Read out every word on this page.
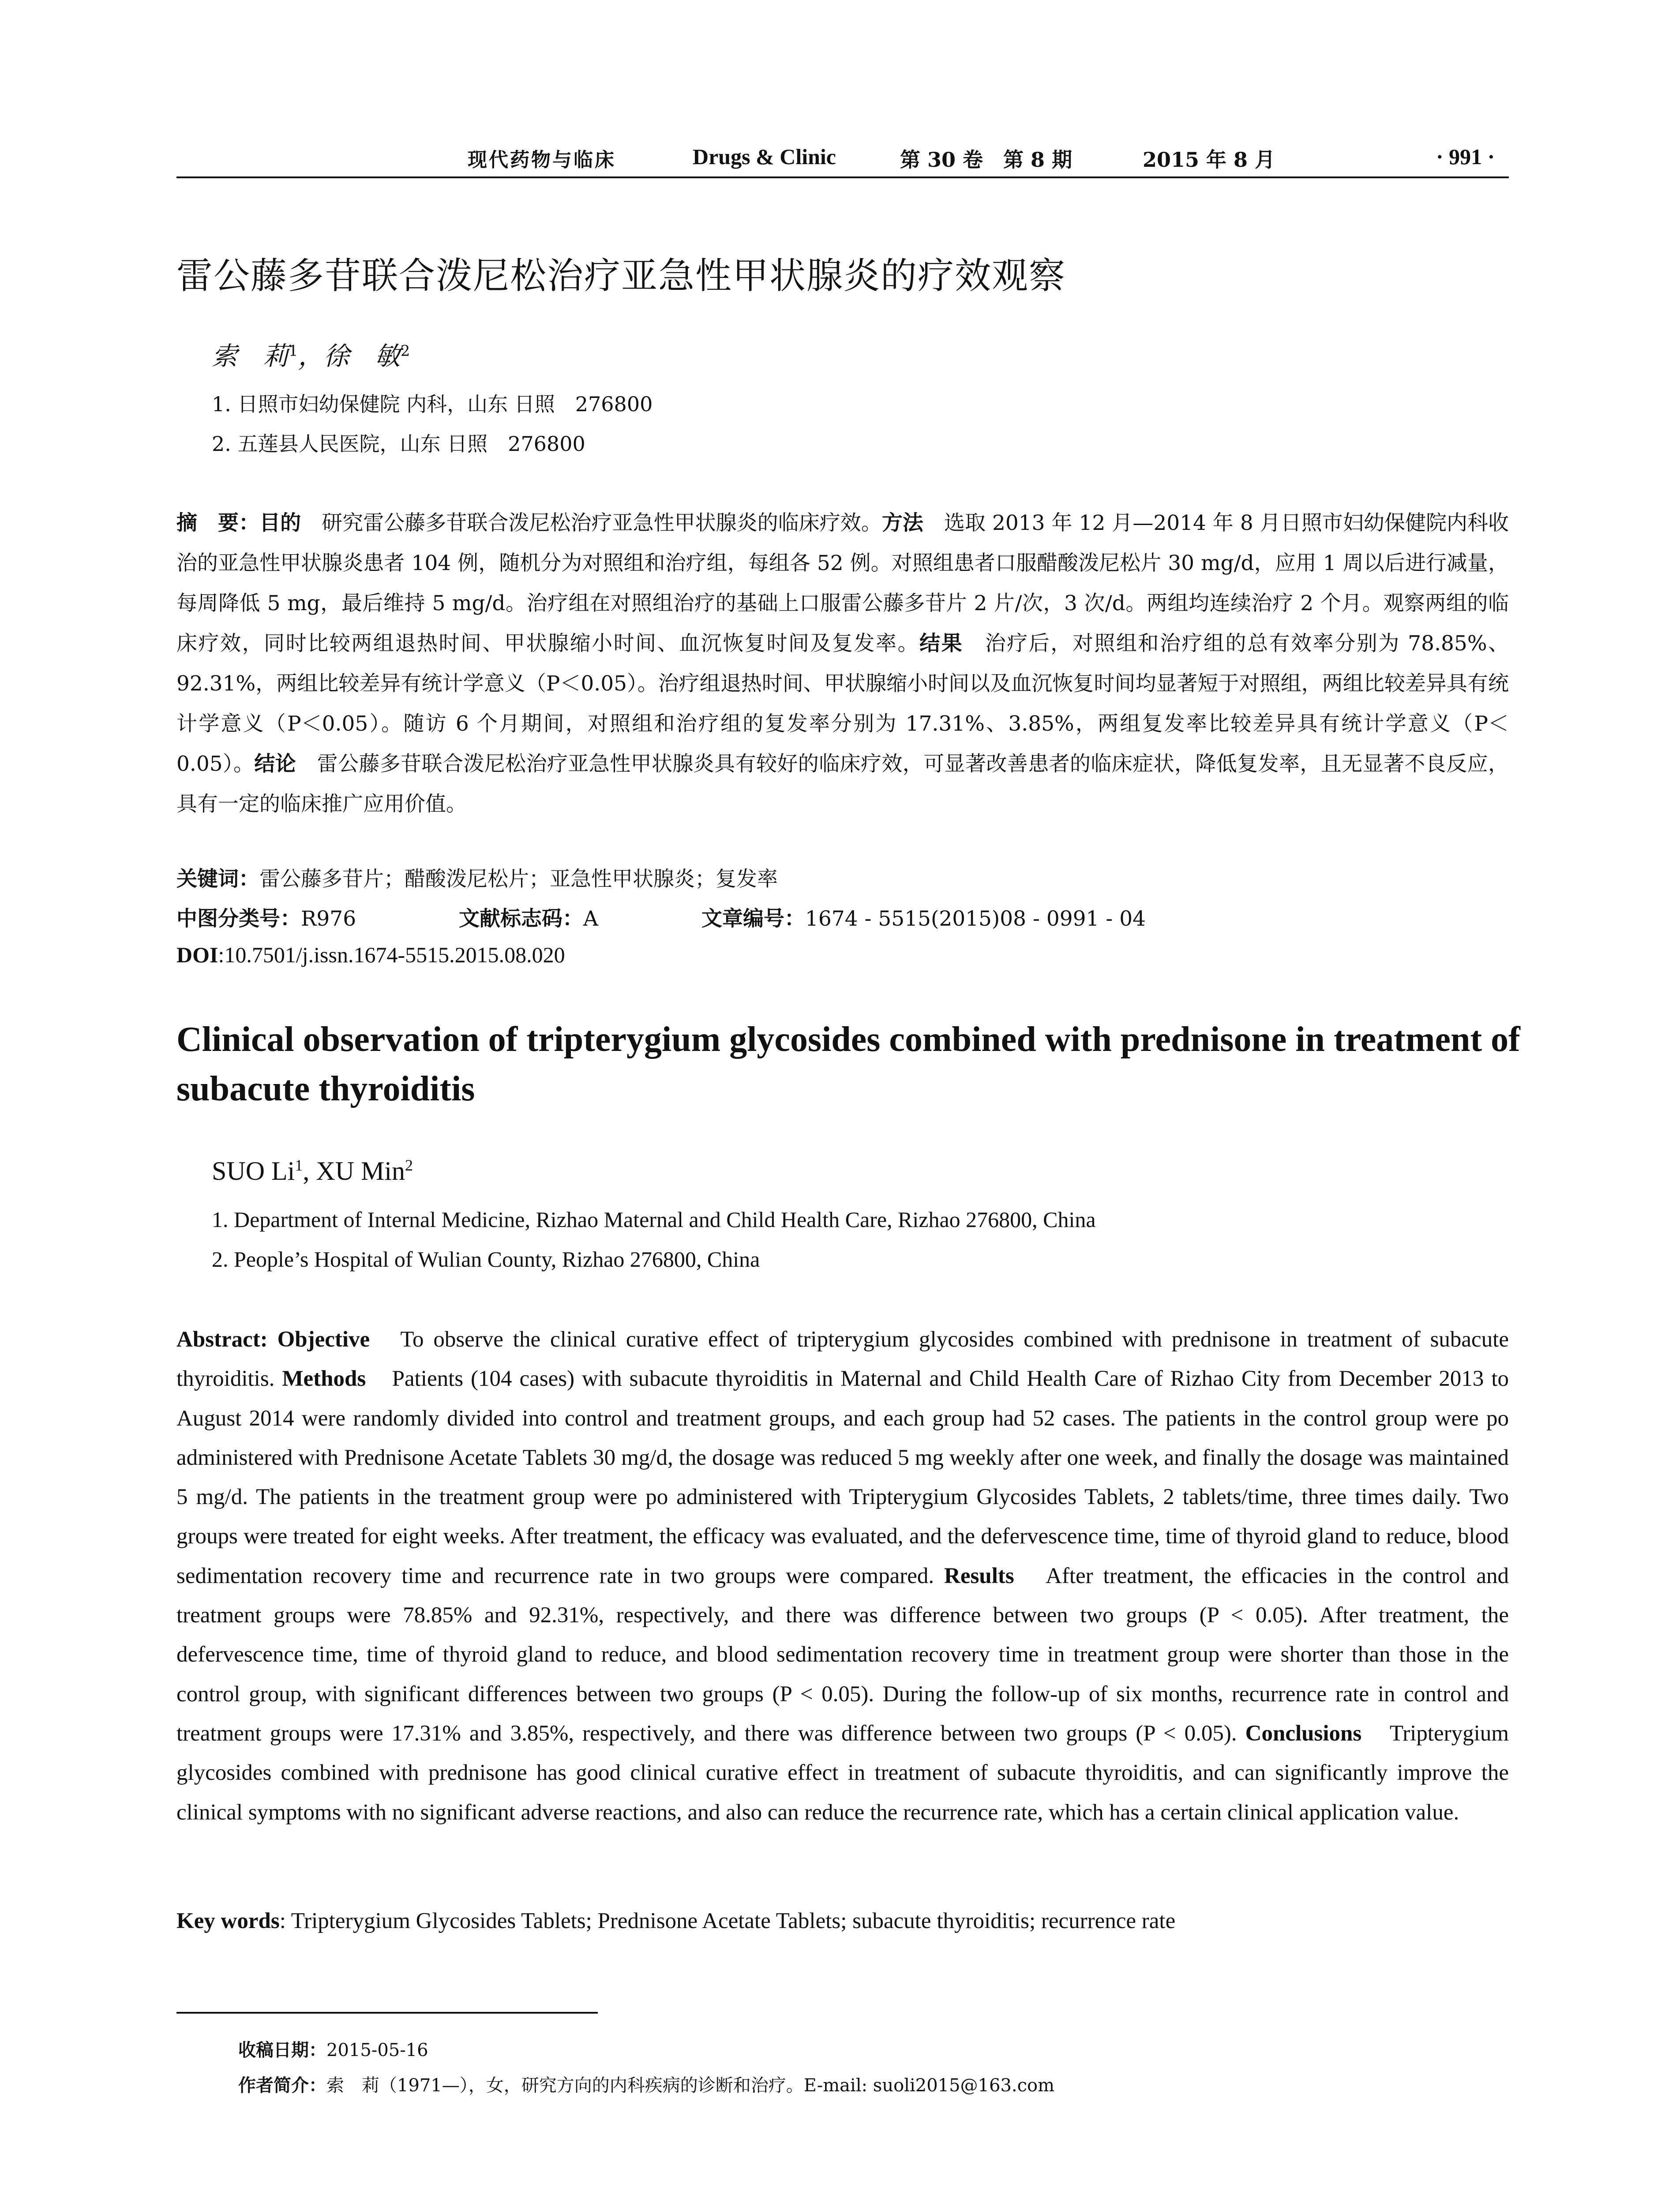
现代药物与临床	Drugs & Clinic	第 30 卷　第 8 期	2015 年 8 月	· 991 ·
雷公藤多苷联合泼尼松治疗亚急性甲状腺炎的疗效观察
索　莉$^1$，徐　敏$^2$
1. 日照市妇幼保健院 内科，山东 日照　276800
2. 五莲县人民医院，山东 日照　276800
摘　要：目的　研究雷公藤多苷联合泼尼松治疗亚急性甲状腺炎的临床疗效。方法　选取 2013 年 12 月—2014 年 8 月日照市妇幼保健院内科收治的亚急性甲状腺炎患者 104 例，随机分为对照组和治疗组，每组各 52 例。对照组患者口服醋酸泼尼松片 30 mg/d，应用 1 周以后进行减量，每周降低 5 mg，最后维持 5 mg/d。治疗组在对照组治疗的基础上口服雷公藤多苷片 2 片/次，3 次/d。两组均连续治疗 2 个月。观察两组的临床疗效，同时比较两组退热时间、甲状腺缩小时间、血沉恢复时间及复发率。结果　治疗后，对照组和治疗组的总有效率分别为 78.85%、92.31%，两组比较差异有统计学意义（P＜0.05）。治疗组退热时间、甲状腺缩小时间以及血沉恢复时间均显著短于对照组，两组比较差异具有统计学意义（P＜0.05）。随访 6 个月期间，对照组和治疗组的复发率分别为 17.31%、3.85%，两组复发率比较差异具有统计学意义（P＜0.05）。结论　雷公藤多苷联合泼尼松治疗亚急性甲状腺炎具有较好的临床疗效，可显著改善患者的临床症状，降低复发率，且无显著不良反应，具有一定的临床推广应用价值。
关键词：雷公藤多苷片；醋酸泼尼松片；亚急性甲状腺炎；复发率
中图分类号：R976	文献标志码：A	文章编号：1674 - 5515(2015)08 - 0991 - 04
DOI:10.7501/j.issn.1674-5515.2015.08.020
Clinical observation of tripterygium glycosides combined with prednisone in treatment of subacute thyroiditis
SUO Li$^1$, XU Min$^2$
1. Department of Internal Medicine, Rizhao Maternal and Child Health Care, Rizhao 276800, China
2. People’s Hospital of Wulian County, Rizhao 276800, China
Abstract: Objective　To observe the clinical curative effect of tripterygium glycosides combined with prednisone in treatment of subacute thyroiditis. Methods　Patients (104 cases) with subacute thyroiditis in Maternal and Child Health Care of Rizhao City from December 2013 to August 2014 were randomly divided into control and treatment groups, and each group had 52 cases. The patients in the control group were po administered with Prednisone Acetate Tablets 30 mg/d, the dosage was reduced 5 mg weekly after one week, and finally the dosage was maintained 5 mg/d. The patients in the treatment group were po administered with Tripterygium Glycosides Tablets, 2 tablets/time, three times daily. Two groups were treated for eight weeks. After treatment, the efficacy was evaluated, and the defervescence time, time of thyroid gland to reduce, blood sedimentation recovery time and recurrence rate in two groups were compared. Results　After treatment, the efficacies in the control and treatment groups were 78.85% and 92.31%, respectively, and there was difference between two groups (P < 0.05). After treatment, the defervescence time, time of thyroid gland to reduce, and blood sedimentation recovery time in treatment group were shorter than those in the control group, with significant differences between two groups (P < 0.05). During the follow-up of six months, recurrence rate in control and treatment groups were 17.31% and 3.85%, respectively, and there was difference between two groups (P < 0.05). Conclusions　Tripterygium glycosides combined with prednisone has good clinical curative effect in treatment of subacute thyroiditis, and can significantly improve the clinical symptoms with no significant adverse reactions, and also can reduce the recurrence rate, which has a certain clinical application value.
Key words: Tripterygium Glycosides Tablets; Prednisone Acetate Tablets; subacute thyroiditis; recurrence rate
收稿日期：2015-05-16
作者简介：索　莉（1971—），女，研究方向的内科疾病的诊断和治疗。E-mail: suoli2015@163.com
